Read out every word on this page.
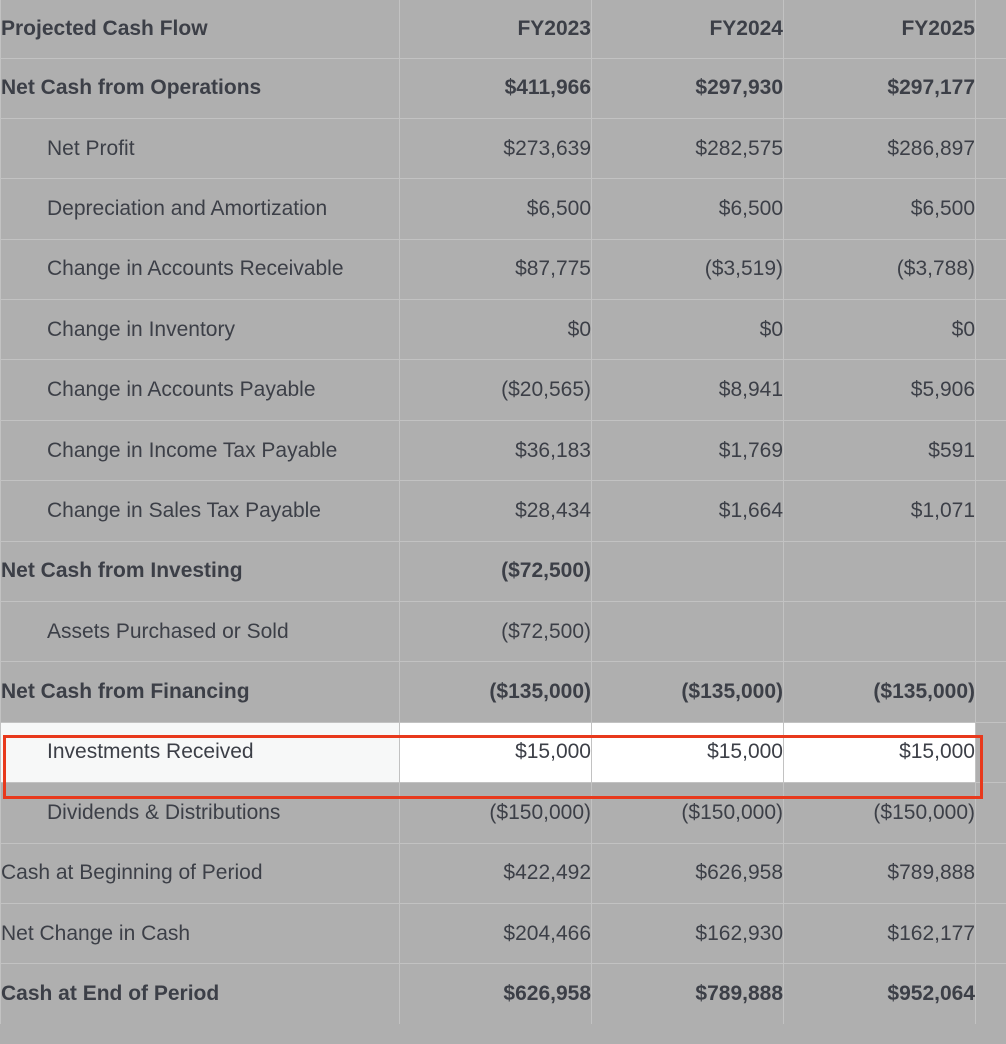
Projected Cash Flow	FY2023	FY2024	FY2025	
Net Cash from Operations	$411,966	$297,930	$297,177	
Net Profit	$273,639	$282,575	$286,897	
Depreciation and Amortization	$6,500	$6,500	$6,500	
Change in Accounts Receivable	$87,775	($3,519)	($3,788)	
Change in Inventory	$0	$0	$0	
Change in Accounts Payable	($20,565)	$8,941	$5,906	
Change in Income Tax Payable	$36,183	$1,769	$591	
Change in Sales Tax Payable	$28,434	$1,664	$1,071	
Net Cash from Investing	($72,500)			
Assets Purchased or Sold	($72,500)			
Net Cash from Financing	($135,000)	($135,000)	($135,000)	
Investments Received	$15,000	$15,000	$15,000	
Dividends & Distributions	($150,000)	($150,000)	($150,000)	
Cash at Beginning of Period	$422,492	$626,958	$789,888	
Net Change in Cash	$204,466	$162,930	$162,177	
Cash at End of Period	$626,958	$789,888	$952,064	
